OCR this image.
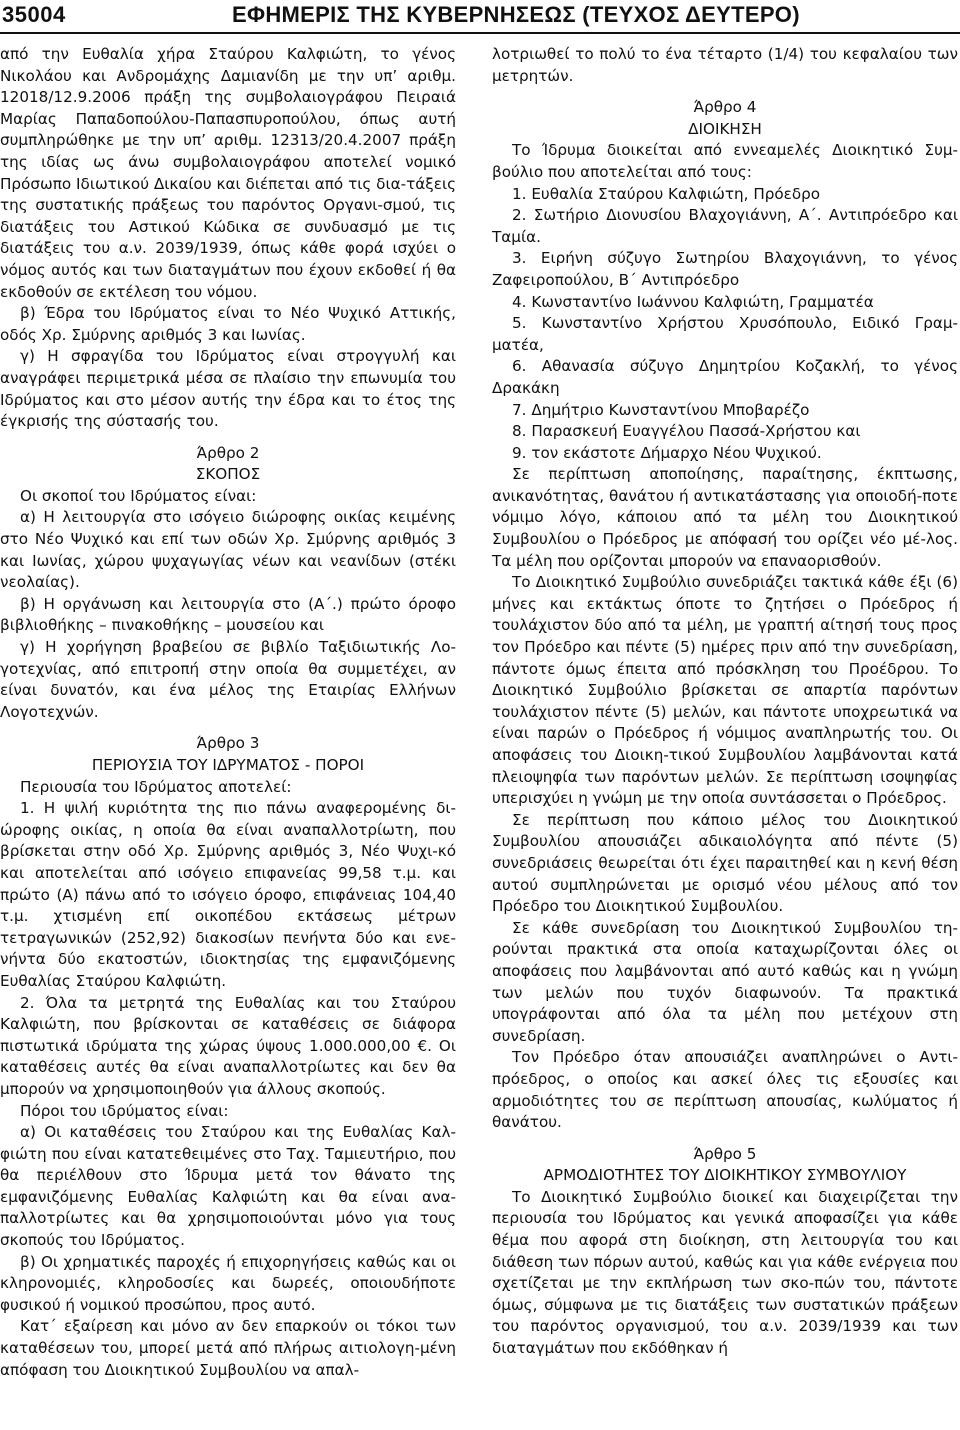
35004	ΕΦΗΜΕΡΙΣ ΤΗΣ ΚΥΒΕΡΝΗΣΕΩΣ (ΤΕΥΧΟΣ ΔΕΥΤΕΡΟ)

από την Ευθαλία χήρα Σταύρου Καλφιώτη, το γένος Νικολάου και Ανδρομάχης Δαμιανίδη με την υπ’ αριθμ. 12018/12.9.2006 πράξη της συμβολαιογράφου Πειραιά Μαρίας Παπαδοπούλου-Παπασπυροπούλου, όπως αυτή συμπληρώθηκε με την υπ’ αριθμ. 12313/20.4.2007 πράξη της ιδίας ως άνω συμβολαιογράφου αποτελεί νομικό Πρόσωπο Ιδιωτικού Δικαίου και διέπεται από τις δια-τάξεις της συστατικής πράξεως του παρόντος Οργανι-σμού, τις διατάξεις του Αστικού Κώδικα σε συνδυασμό με τις διατάξεις του α.ν. 2039/1939, όπως κάθε φορά ισχύει ο νόμος αυτός και των διαταγμάτων που έχουν εκδοθεί ή θα εκδοθούν σε εκτέλεση του νόμου.

β) Έδρα του Ιδρύματος είναι το Νέο Ψυχικό Αττικής, οδός Χρ. Σμύρνης αριθμός 3 και Ιωνίας.

γ) Η σφραγίδα του Ιδρύματος είναι στρογγυλή και αναγράφει περιμετρικά μέσα σε πλαίσιο την επωνυμία του Ιδρύματος και στο μέσον αυτής την έδρα και το έτος της έγκρισής της σύστασής του.

Άρθρο 2

ΣΚΟΠΟΣ

Οι σκοποί του Ιδρύματος είναι:

α) Η λειτουργία στο ισόγειο διώροφης οικίας κειμένης στο Νέο Ψυχικό και επί των οδών Χρ. Σμύρνης αριθμός 3 και Ιωνίας, χώρου ψυχαγωγίας νέων και νεανίδων (στέκι νεολαίας).

β) Η οργάνωση και λειτουργία στο (Α΄.) πρώτο όροφο βιβλιοθήκης – πινακοθήκης – μουσείου και

γ) Η χορήγηση βραβείου σε βιβλίο Ταξιδιωτικής Λο-γοτεχνίας, από επιτροπή στην οποία θα συμμετέχει, αν είναι δυνατόν, και ένα μέλος της Εταιρίας Ελλήνων Λογοτεχνών.

Άρθρο 3

ΠΕΡΙΟΥΣΙΑ ΤΟΥ ΙΔΡΥΜΑΤΟΣ - ΠΟΡΟΙ

Περιουσία του Ιδρύματος αποτελεί:

1. Η ψιλή κυριότητα της πιο πάνω αναφερομένης δι-ώροφης οικίας, η οποία θα είναι αναπαλλοτρίωτη, που βρίσκεται στην οδό Χρ. Σμύρνης αριθμός 3, Νέο Ψυχι-κό και αποτελείται από ισόγειο επιφανείας 99,58 τ.μ. και πρώτο (Α) πάνω από το ισόγειο όροφο, επιφάνειας 104,40 τ.μ. χτισμένη επί οικοπέδου εκτάσεως μέτρων τετραγωνικών (252,92) διακοσίων πενήντα δύο και ενε-νήντα δύο εκατοστών, ιδιοκτησίας της εμφανιζόμενης Ευθαλίας Σταύρου Καλφιώτη.

2. Όλα τα μετρητά της Ευθαλίας και του Σταύρου Καλφιώτη, που βρίσκονται σε καταθέσεις σε διάφορα πιστωτικά ιδρύματα της χώρας ύψους 1.000.000,00 €. Οι καταθέσεις αυτές θα είναι αναπαλλοτρίωτες και δεν θα μπορούν να χρησιμοποιηθούν για άλλους σκοπούς.

Πόροι του ιδρύματος είναι:

α) Οι καταθέσεις του Σταύρου και της Ευθαλίας Καλ-φιώτη που είναι κατατεθειμένες στο Ταχ. Ταμιευτήριο, που θα περιέλθουν στο Ίδρυμα μετά τον θάνατο της εμφανιζόμενης Ευθαλίας Καλφιώτη και θα είναι ανα-παλλοτρίωτες και θα χρησιμοποιούνται μόνο για τους σκοπούς του Ιδρύματος.

β) Οι χρηματικές παροχές ή επιχορηγήσεις καθώς και οι κληρονομιές, κληροδοσίες και δωρεές, οποιουδήποτε φυσικού ή νομικού προσώπου, προς αυτό.

Κατ΄ εξαίρεση και μόνο αν δεν επαρκούν οι τόκοι των καταθέσεων του, μπορεί μετά από πλήρως αιτιολογη-μένη απόφαση του Διοικητικού Συμβουλίου να απαλ-

λοτριωθεί το πολύ το ένα τέταρτο (1/4) του κεφαλαίου των μετρητών.

Άρθρο 4

ΔΙΟΙΚΗΣΗ

Το Ίδρυμα διοικείται από εννεαμελές Διοικητικό Συμ-βούλιο που αποτελείται από τους:

1. Ευθαλία Σταύρου Καλφιώτη, Πρόεδρο

2. Σωτήριο Διονυσίου Βλαχογιάννη, Α΄. Αντιπρόεδρο και Ταμία.

3. Ειρήνη σύζυγο Σωτηρίου Βλαχογιάννη, το γένος Ζαφειροπούλου, Β΄ Αντιπρόεδρο

4. Κωνσταντίνο Ιωάννου Καλφιώτη, Γραμματέα

5. Κωνσταντίνο Χρήστου Χρυσόπουλο, Ειδικό Γραμ-ματέα,

6. Αθανασία σύζυγο Δημητρίου Κοζακλή, το γένος Δρακάκη

7. Δημήτριο Κωνσταντίνου Μποβαρέζο

8. Παρασκευή Ευαγγέλου Πασσά-Χρήστου και

9. τον εκάστοτε Δήμαρχο Νέου Ψυχικού.

Σε περίπτωση αποποίησης, παραίτησης, έκπτωσης, ανικανότητας, θανάτου ή αντικατάστασης για οποιοδή-ποτε νόμιμο λόγο, κάποιου από τα μέλη του Διοικητικού Συμβουλίου ο Πρόεδρος με απόφασή του ορίζει νέο μέ-λος. Τα μέλη που ορίζονται μπορούν να επαναορισθούν.

Το Διοικητικό Συμβούλιο συνεδριάζει τακτικά κάθε έξι (6) μήνες και εκτάκτως όποτε το ζητήσει ο Πρόεδρος ή τουλάχιστον δύο από τα μέλη, με γραπτή αίτησή τους προς τον Πρόεδρο και πέντε (5) ημέρες πριν από την συνεδρίαση, πάντοτε όμως έπειτα από πρόσκληση του Προέδρου. Το Διοικητικό Συμβούλιο βρίσκεται σε απαρτία παρόντων τουλάχιστον πέντε (5) μελών, και πάντοτε υποχρεωτικά να είναι παρών ο Πρόεδρος ή νόμιμος αναπληρωτής του. Οι αποφάσεις του Διοικη-τικού Συμβουλίου λαμβάνονται κατά πλειοψηφία των παρόντων μελών. Σε περίπτωση ισοψηφίας υπερισχύει η γνώμη με την οποία συντάσσεται ο Πρόεδρος.

Σε περίπτωση που κάποιο μέλος του Διοικητικού Συμβουλίου απουσιάζει αδικαιολόγητα από πέντε (5) συνεδριάσεις θεωρείται ότι έχει παραιτηθεί και η κενή θέση αυτού συμπληρώνεται με ορισμό νέου μέλους από τον Πρόεδρο του Διοικητικού Συμβουλίου.

Σε κάθε συνεδρίαση του Διοικητικού Συμβουλίου τη-ρούνται πρακτικά στα οποία καταχωρίζονται όλες οι αποφάσεις που λαμβάνονται από αυτό καθώς και η γνώμη των μελών που τυχόν διαφωνούν. Τα πρακτικά υπογράφονται από όλα τα μέλη που μετέχουν στη συνεδρίαση.

Τον Πρόεδρο όταν απουσιάζει αναπληρώνει ο Αντι-πρόεδρος, ο οποίος και ασκεί όλες τις εξουσίες και αρμοδιότητες του σε περίπτωση απουσίας, κωλύματος ή θανάτου.

Άρθρο 5

ΑΡΜΟΔΙΟΤΗΤΕΣ ΤΟΥ ΔΙΟΙΚΗΤΙΚΟΥ ΣΥΜΒΟΥΛΙΟΥ

Το Διοικητικό Συμβούλιο διοικεί και διαχειρίζεται την περιουσία του Ιδρύματος και γενικά αποφασίζει για κάθε θέμα που αφορά στη διοίκηση, στη λειτουργία του και διάθεση των πόρων αυτού, καθώς και για κάθε ενέργεια που σχετίζεται με την εκπλήρωση των σκο-πών του, πάντοτε όμως, σύμφωνα με τις διατάξεις των συστατικών πράξεων του παρόντος οργανισμού, του α.ν. 2039/1939 και των διαταγμάτων που εκδόθηκαν ή
